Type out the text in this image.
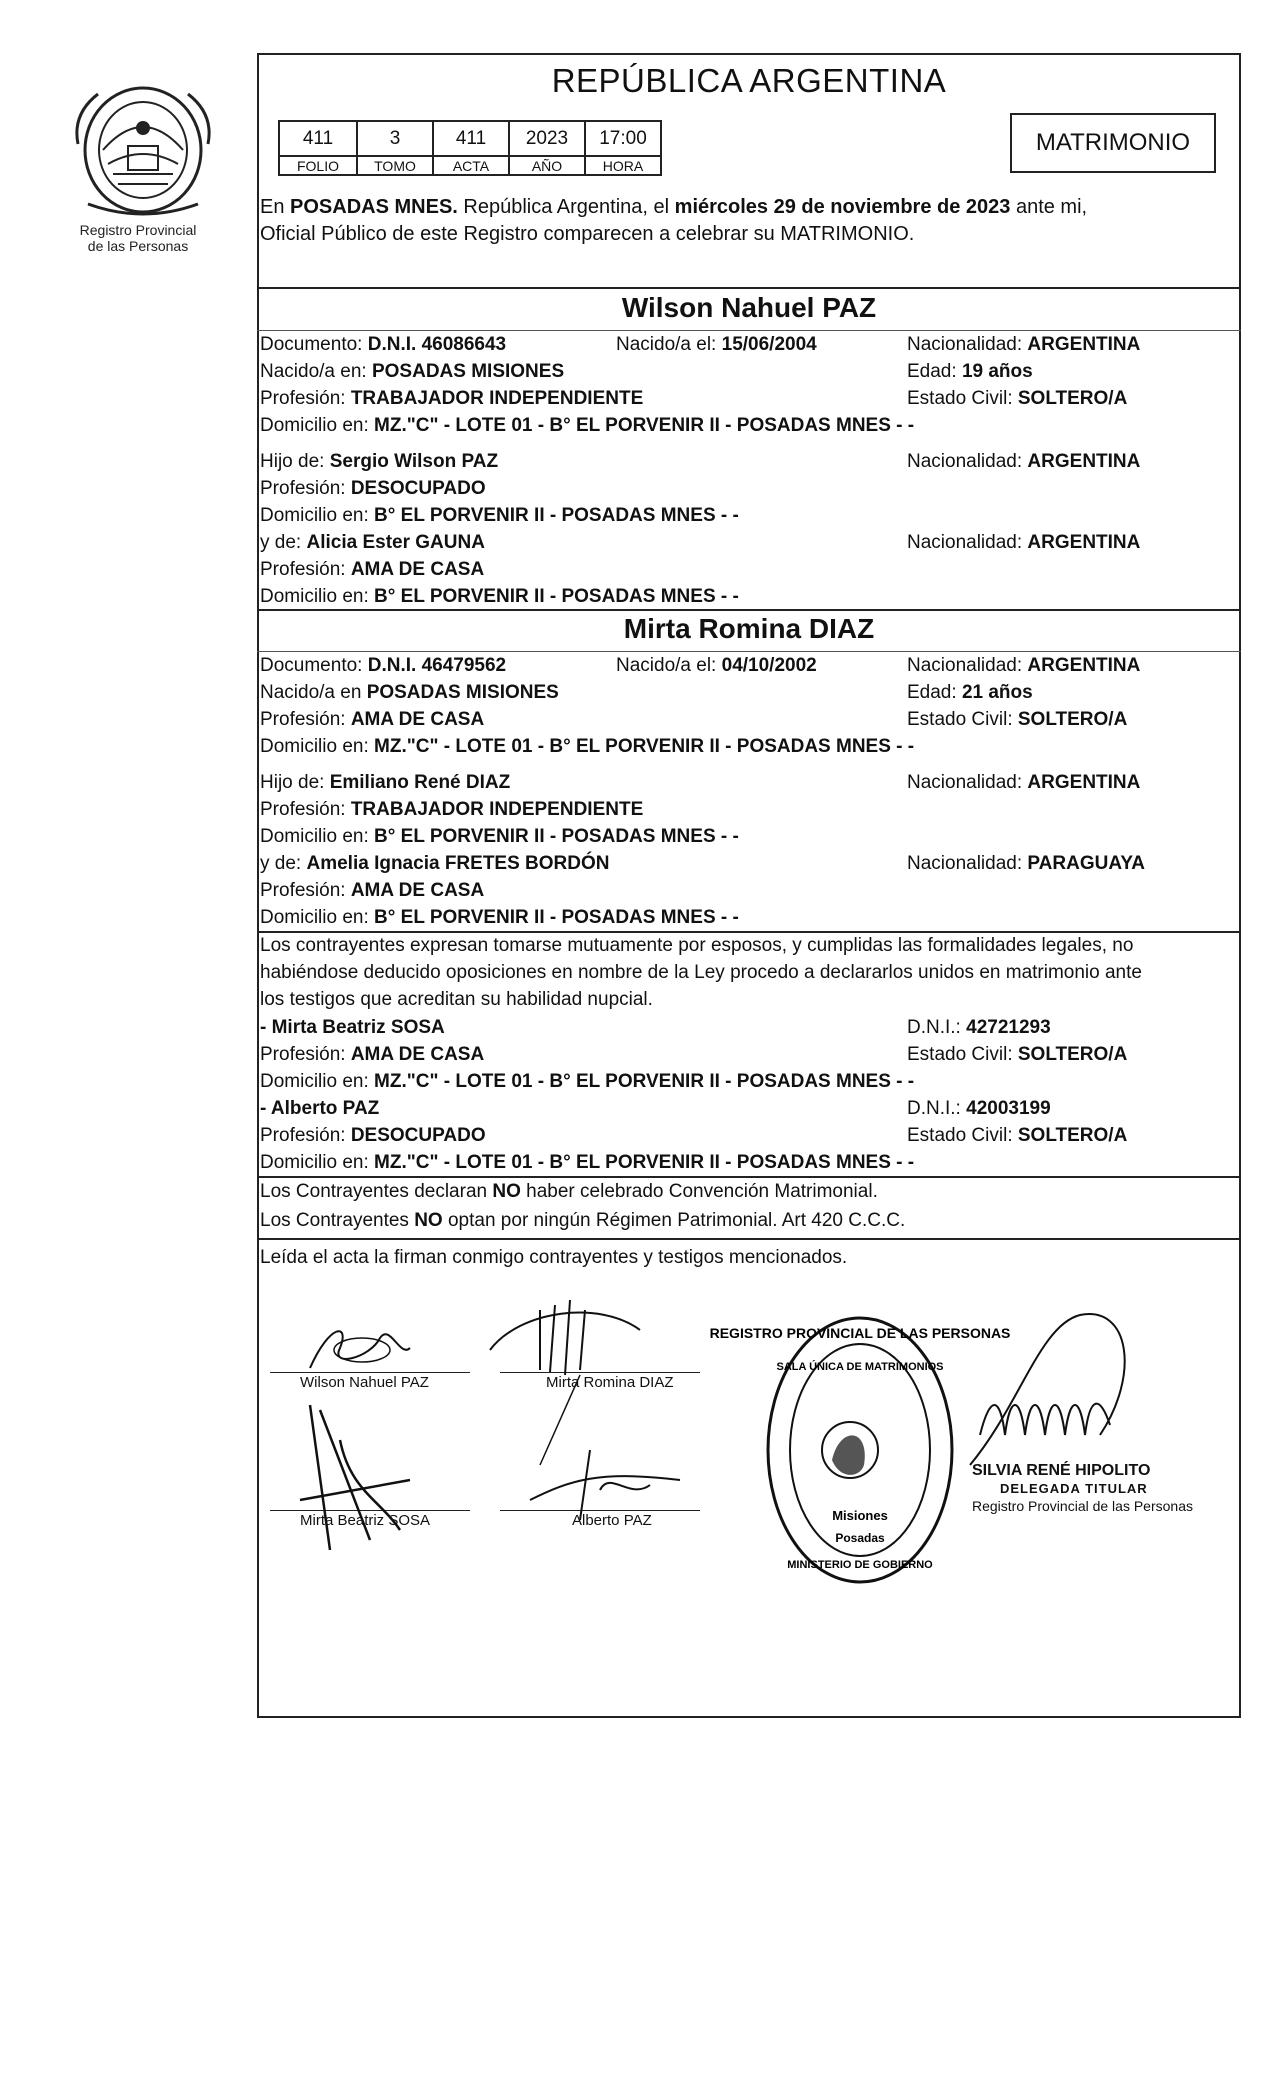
Registro Provincial
de las Personas
REPÚBLICA ARGENTINA
411	3	411	2023	17:00
FOLIO	TOMO	ACTA	AÑO	HORA
MATRIMONIO
En POSADAS MNES. República Argentina, el miércoles 29 de noviembre de 2023 ante mi,
Oficial Público de este Registro comparecen a celebrar su MATRIMONIO.
Wilson Nahuel PAZ
Documento: D.N.I. 46086643	Nacido/a el: 15/06/2004	Nacionalidad: ARGENTINA
Nacido/a en: POSADAS MISIONES	Edad: 19 años
Profesión: TRABAJADOR INDEPENDIENTE	Estado Civil: SOLTERO/A
Domicilio en: MZ."C" - LOTE 01 - B° EL PORVENIR II - POSADAS MNES - -
Hijo de: Sergio Wilson PAZ	Nacionalidad: ARGENTINA
Profesión: DESOCUPADO
Domicilio en: B° EL PORVENIR II - POSADAS MNES - -
y de: Alicia Ester GAUNA	Nacionalidad: ARGENTINA
Profesión: AMA DE CASA
Domicilio en: B° EL PORVENIR II - POSADAS MNES - -
Mirta Romina DIAZ
Documento: D.N.I. 46479562	Nacido/a el: 04/10/2002	Nacionalidad: ARGENTINA
Nacido/a en POSADAS MISIONES	Edad: 21 años
Profesión: AMA DE CASA	Estado Civil: SOLTERO/A
Domicilio en: MZ."C" - LOTE 01 - B° EL PORVENIR II - POSADAS MNES - -
Hijo de: Emiliano René DIAZ	Nacionalidad: ARGENTINA
Profesión: TRABAJADOR INDEPENDIENTE
Domicilio en: B° EL PORVENIR II - POSADAS MNES - -
y de: Amelia Ignacia FRETES BORDÓN	Nacionalidad: PARAGUAYA
Profesión: AMA DE CASA
Domicilio en: B° EL PORVENIR II - POSADAS MNES - -
Los contrayentes expresan tomarse mutuamente por esposos, y cumplidas las formalidades legales, no
habiéndose deducido oposiciones en nombre de la Ley procedo a declararlos unidos en matrimonio ante
los testigos que acreditan su habilidad nupcial.
- Mirta Beatriz SOSA	D.N.I.: 42721293
Profesión: AMA DE CASA	Estado Civil: SOLTERO/A
Domicilio en: MZ."C" - LOTE 01 - B° EL PORVENIR II - POSADAS MNES - -
- Alberto PAZ	D.N.I.: 42003199
Profesión: DESOCUPADO	Estado Civil: SOLTERO/A
Domicilio en: MZ."C" - LOTE 01 - B° EL PORVENIR II - POSADAS MNES - -
Los Contrayentes declaran NO haber celebrado Convención Matrimonial.
Los Contrayentes NO optan por ningún Régimen Patrimonial. Art 420 C.C.C.
Leída el acta la firman conmigo contrayentes y testigos mencionados.
Wilson Nahuel PAZ	Mirta Romina DIAZ
Mirta Beatriz SOSA	Alberto PAZ
REGISTRO PROVINCIAL DE LAS PERSONAS
SALA ÚNICA DE MATRIMONIOS
Misiones
Posadas
MINISTERIO DE GOBIERNO
SILVIA RENÉ HIPOLITO
DELEGADA TITULAR
Registro Provincial de las Personas
